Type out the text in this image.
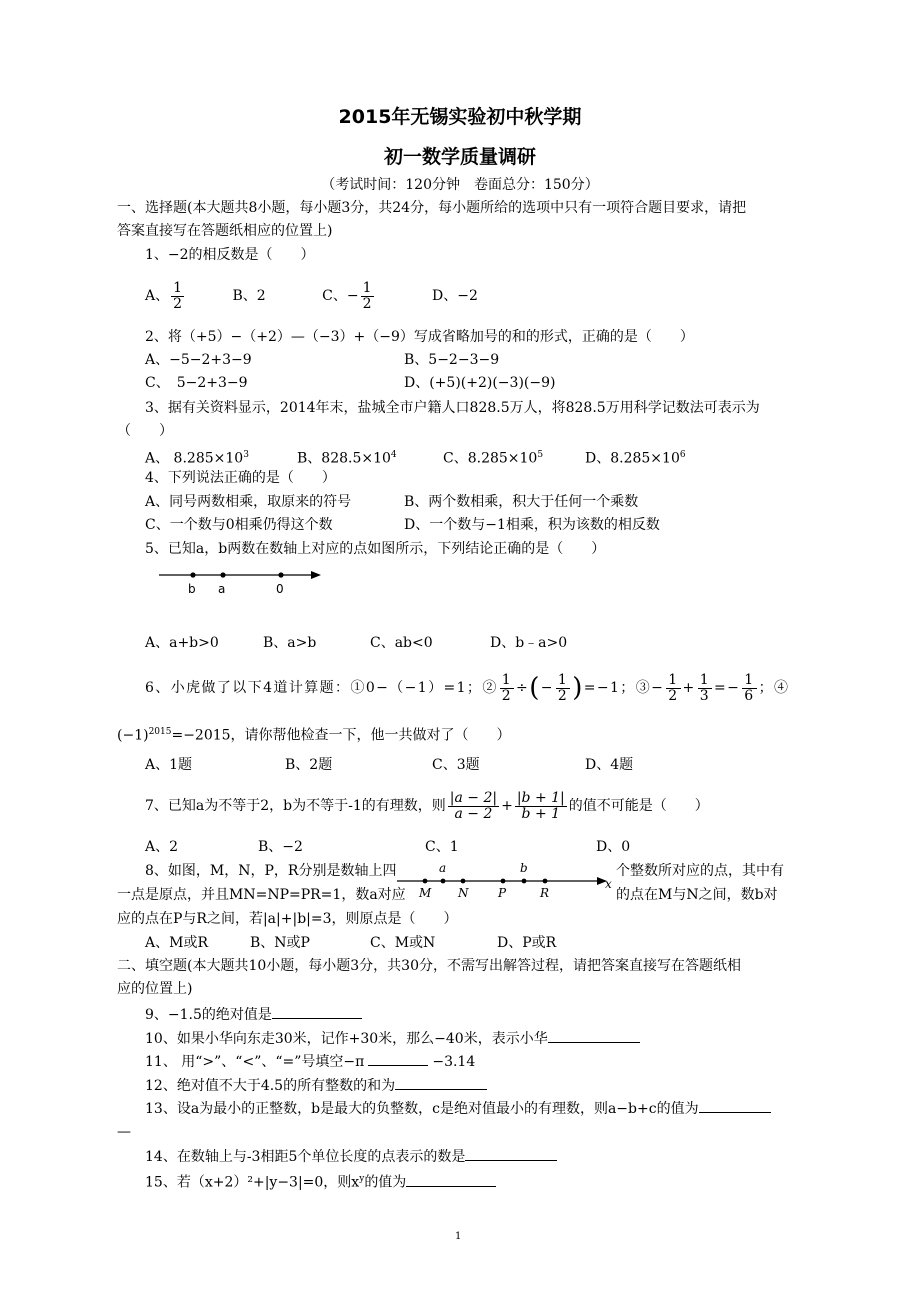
2015年无锡实验初中秋学期
初一数学质量调研
（考试时间：120分钟　卷面总分：150分）
一、选择题(本大题共8小题，每小题3分，共24分，每小题所给的选项中只有一项符合题目要求，请把
答案直接写在答题纸相应的位置上)
1、−2的相反数是（　　）
A、 $\frac{1}{2}$	B、2	C、− $\frac{1}{2}$	D、−2
2、将（+5）−（+2）—（−3）+（−9）写成省略加号的和的形式，正确的是（　　）
A、−5−2+3−9	B、5−2−3−9
C、　5−2+3−9	D、(+5)(+2)(−3)(−9)
3、据有关资料显示，2014年末，盐城全市户籍人口828.5万人，将828.5万用科学记数法可表示为
（　　）
A、 $8.285\times 10^3$	B、$828.5\times 10^4$	C、$8.285\times 10^5$	D、$8.285\times 10^6$
4、下列说法正确的是（　　）
A、同号两数相乘，取原来的符号	B、两个数相乘，积大于任何一个乘数
C、一个数与0相乘仍得这个数	D、一个数与−1相乘，积为该数的相反数
5、已知a，b两数在数轴上对应的点如图所示，下列结论正确的是（　　）
b a	0
A、a+b>0	B、a>b	C、ab<0	D、b﹣a>0
6、小虎做了以下4道计算题：①0−（−1）=1；② $\frac{1}{2}$ ÷(− $\frac{1}{2} )=-1$；③− $\frac{1}{2} + \frac{1}{3} =- \frac{1}{6}$ ；④
$(-1)^{2015}=-2015$，请你帮他检查一下，他一共做对了（　　）
A、1题	B、2题	C、3题	D、4题
7、已知a为不等于2，b为不等于-1的有理数，则 $\frac{|a - 2|}{a - 2} + \frac{|b + 1|}{b + 1}$ 的值不可能是（　　）
A、2	B、−2	C、1	D、0
8、如图，M，N，P，R分别是数轴上四	个整数所对应的点，其中有
一点是原点，并且MN=NP=PR=1，数a对应	的点在M与N之间，数b对
应的点在P与R之间，若|a|+|b|=3，则原点是（　　）
a	b
M N P	R
x
A、M或R	B、N或P	C、M或N	D、P或R
二、填空题(本大题共10小题，每小题3分，共30分，不需写出解答过程，请把答案直接写在答题纸相
应的位置上)
9、−1.5的绝对值是
10、如果小华向东走30米，记作+30米，那么−40米，表示小华
11、 用“>”、“<”、“=”号填空−π	−3.14
12、绝对值不大于4.5的所有整数的和为
13、设a为最小的正整数，b是最大的负整数，c是绝对值最小的有理数，则a−b+c的值为
—
14、在数轴上与-3相距5个单位长度的点表示的数是
15、若（x+2）²+|y−3|=0，则$x^y$的值为
1
